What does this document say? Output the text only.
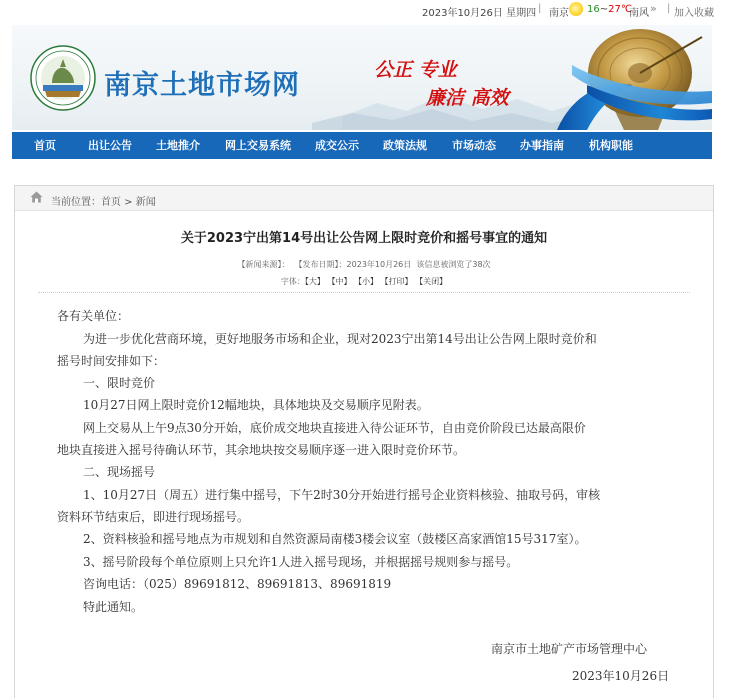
2023年10月26日 星期四 | 南京 16~27℃
南风 » | 加入收藏
南京土地市场网	公正 专业
廉洁 高效
首页	出让公告 土地推介 网上交易系统 成交公示 政策法规 市场动态 办事指南 机构职能
当前位置：首页 > 新闻
关于2023宁出第14号出让公告网上限时竞价和摇号事宜的通知
【新闻来源】： 【发布日期】：2023年10月26日 该信息被浏览了38次
字体：【大】 【中】 【小】 【打印】 【关闭】

各有关单位：

为进一步优化营商环境，更好地服务市场和企业，现对2023宁出第14号出让公告网上限时竞价和

摇号时间安排如下：

一、限时竞价

10月27日网上限时竞价12幅地块，具体地块及交易顺序见附表。

网上交易从上午9点30分开始，底价成交地块直接进入待公证环节，自由竞价阶段已达最高限价

地块直接进入摇号待确认环节，其余地块按交易顺序逐一进入限时竞价环节。

二、现场摇号

1、10月27日（周五）进行集中摇号，下午2时30分开始进行摇号企业资料核验、抽取号码，审核

资料环节结束后，即进行现场摇号。

2、资料核验和摇号地点为市规划和自然资源局南楼3楼会议室（鼓楼区高家酒馆15号317室）。

3、摇号阶段每个单位原则上只允许1人进入摇号现场，并根据摇号规则参与摇号。

咨询电话：（025）89691812、89691813、89691819

特此通知。

南京市土地矿产市场管理中心

2023年10月26日
